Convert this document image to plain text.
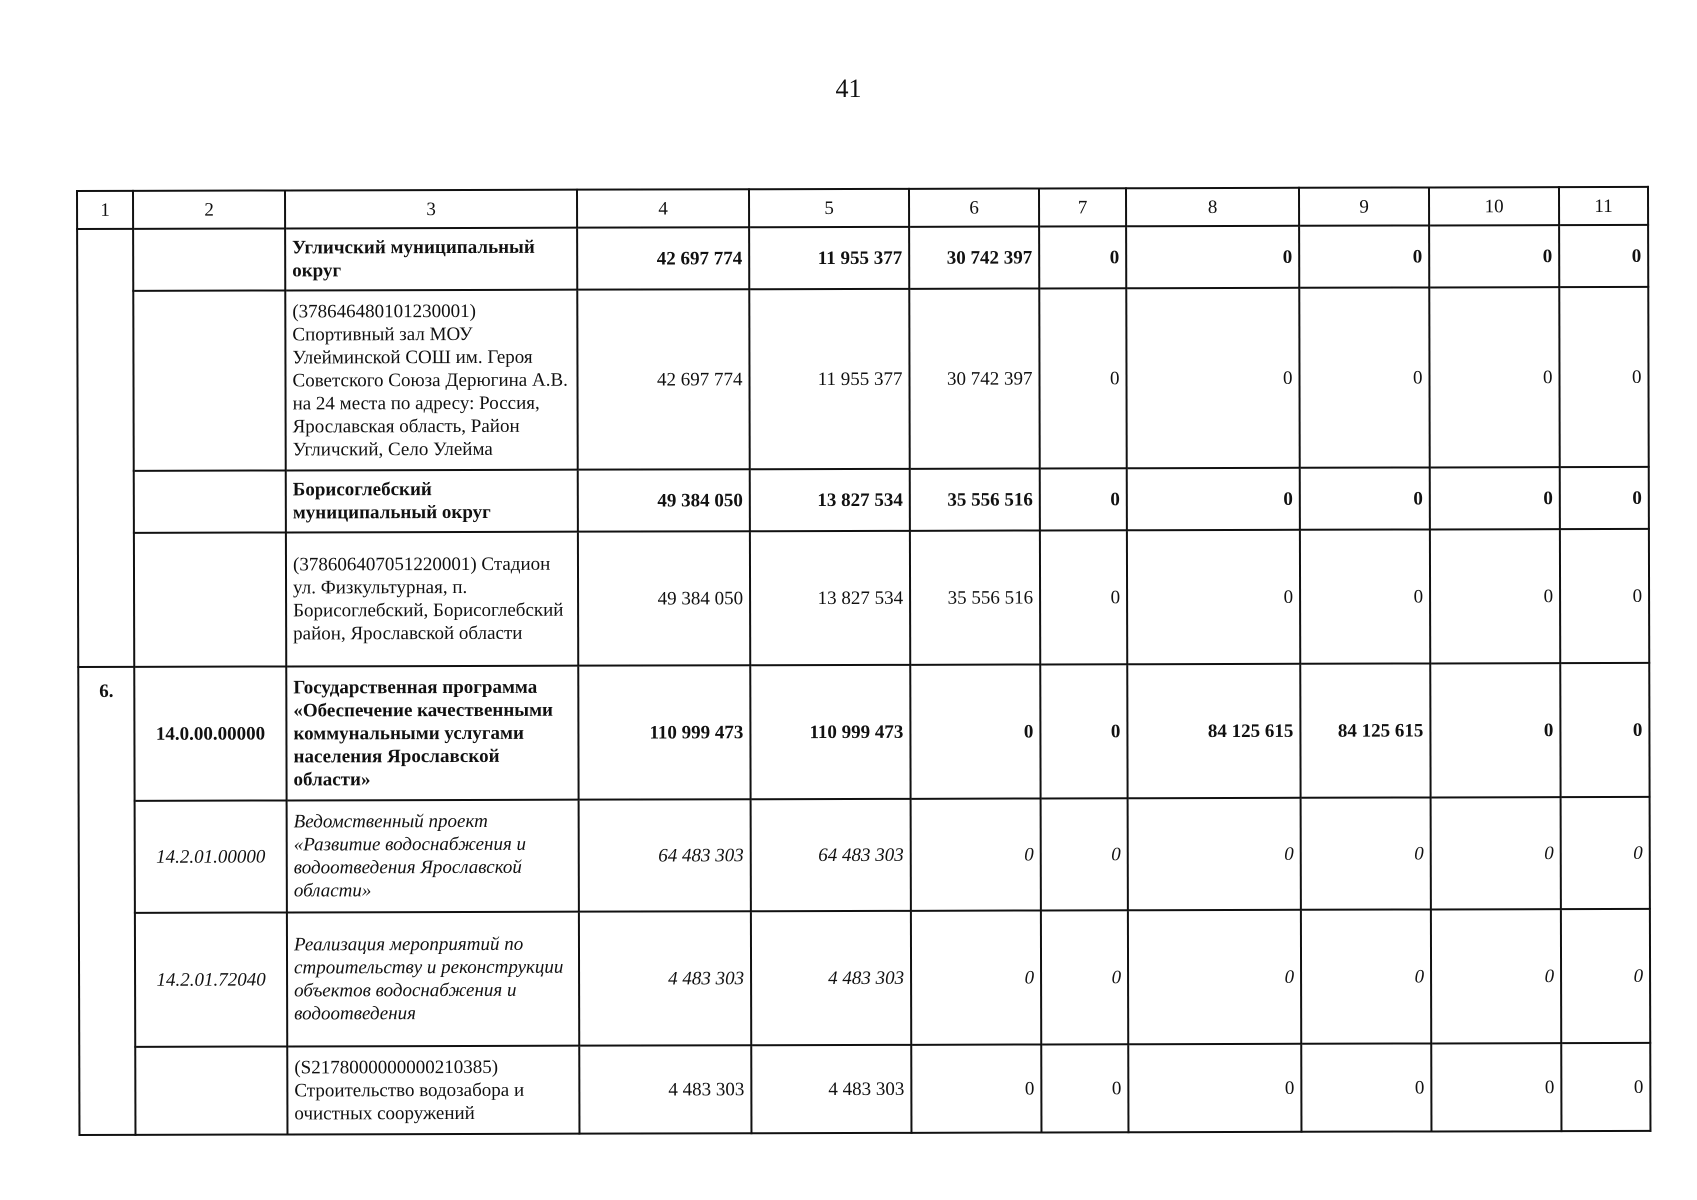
41
1	2	3	4	5	6	7	8	9	10	11
		Угличский муниципальный округ	42 697 774	11 955 377	30 742 397	0	0	0	0	0
		(378646480101230001) Спортивный зал МОУ Улейминской СОШ им. Героя Советского Союза Дерюгина А.В. на 24 места по адресу: Россия, Ярославская область, Район Угличский, Село Улейма	42 697 774	11 955 377	30 742 397	0	0	0	0	0
		Борисоглебский муниципальный округ	49 384 050	13 827 534	35 556 516	0	0	0	0	0
		(378606407051220001) Стадион ул. Физкультурная, п. Борисоглебский, Борисоглебский район, Ярославской области	49 384 050	13 827 534	35 556 516	0	0	0	0	0
6.	14.0.00.00000	Государственная программа «Обеспечение качественными коммунальными услугами населения Ярославской области»	110 999 473	110 999 473	0	0	84 125 615	84 125 615	0	0
	14.2.01.00000	Ведомственный проект «Развитие водоснабжения и водоотведения Ярославской области»	64 483 303	64 483 303	0	0	0	0	0	0
	14.2.01.72040	Реализация мероприятий по строительству и реконструкции объектов водоснабжения и водоотведения	4 483 303	4 483 303	0	0	0	0	0	0
		(S2178000000000210385) Строительство водозабора и очистных сооружений	4 483 303	4 483 303	0	0	0	0	0	0
